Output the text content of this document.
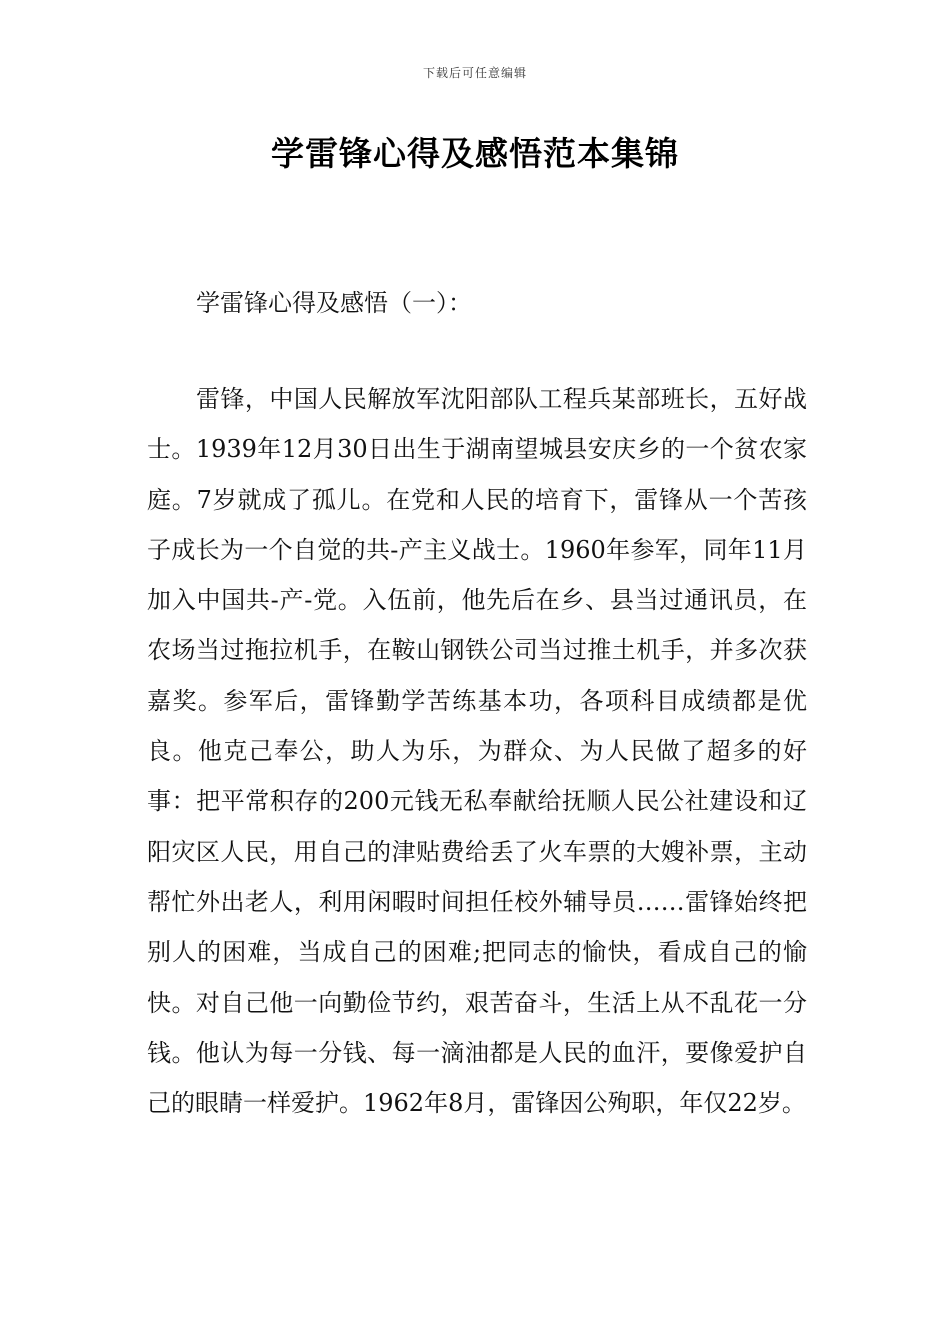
下载后可任意编辑
学雷锋心得及感悟范本集锦

学雷锋心得及感悟（一）：

雷锋，中国人民解放军沈阳部队工程兵某部班长，五好战士。1939年12月30日出生于湖南望城县安庆乡的一个贫农家庭。7岁就成了孤儿。在党和人民的培育下，雷锋从一个苦孩子成长为一个自觉的共-产主义战士。1960年参军，同年11月加入中国共-产-党。入伍前，他先后在乡、县当过通讯员，在农场当过拖拉机手，在鞍山钢铁公司当过推土机手，并多次获嘉奖。参军后，雷锋勤学苦练基本功，各项科目成绩都是优良。他克己奉公，助人为乐，为群众、为人民做了超多的好事：把平常积存的200元钱无私奉献给抚顺人民公社建设和辽阳灾区人民，用自己的津贴费给丢了火车票的大嫂补票，主动帮忙外出老人，利用闲暇时间担任校外辅导员……雷锋始终把别人的困难，当成自己的困难;把同志的愉快，看成自己的愉快。对自己他一向勤俭节约，艰苦奋斗，生活上从不乱花一分钱。他认为每一分钱、每一滴油都是人民的血汗，要像爱护自己的眼睛一样爱护。1962年8月，雷锋因公殉职，年仅22岁。
